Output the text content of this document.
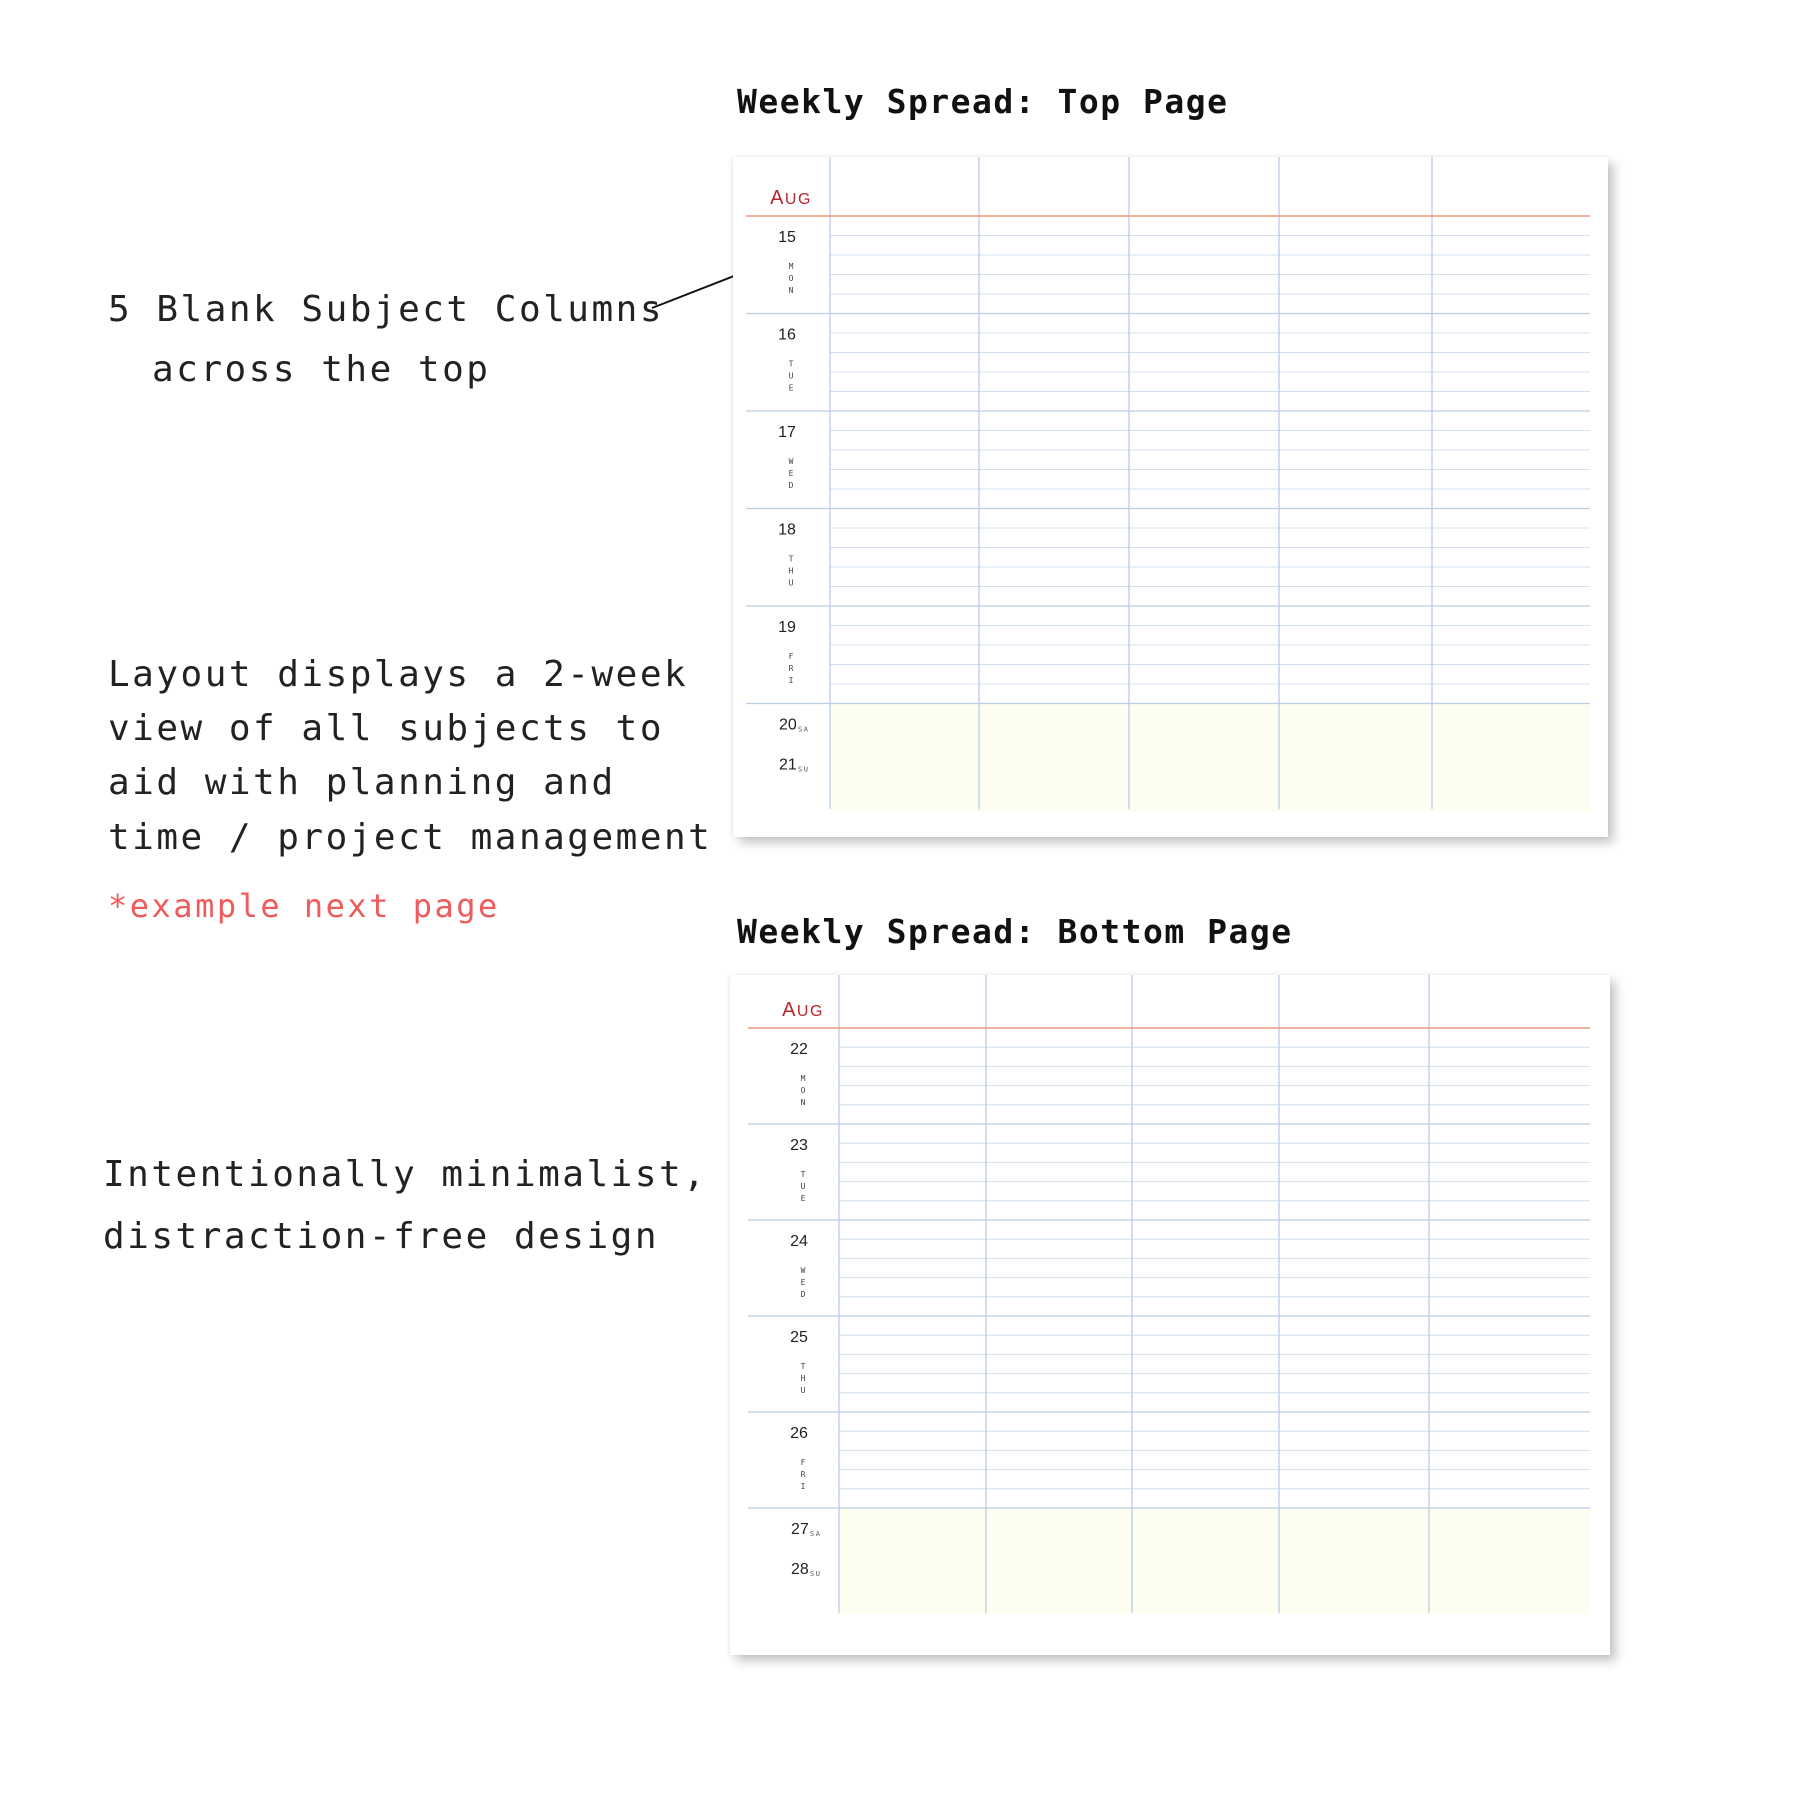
5 Blank Subject Columns
across the top
Layout displays a 2-week
view of all subjects to
aid with planning and
time / project management
*example next page
Intentionally minimalist,
distraction-free design
Weekly Spread: Top Page
Weekly Spread: Bottom Page
AUG
15
M
O
N
16
T
U
E
17
W
E
D
18
T
H
U
19
F
R
I
20 SA
21 SU
AUG
22
M
O
N
23
T
U
E
24
W
E
D
25
T
H
U
26
F
R
I
27 SA
28 SU
